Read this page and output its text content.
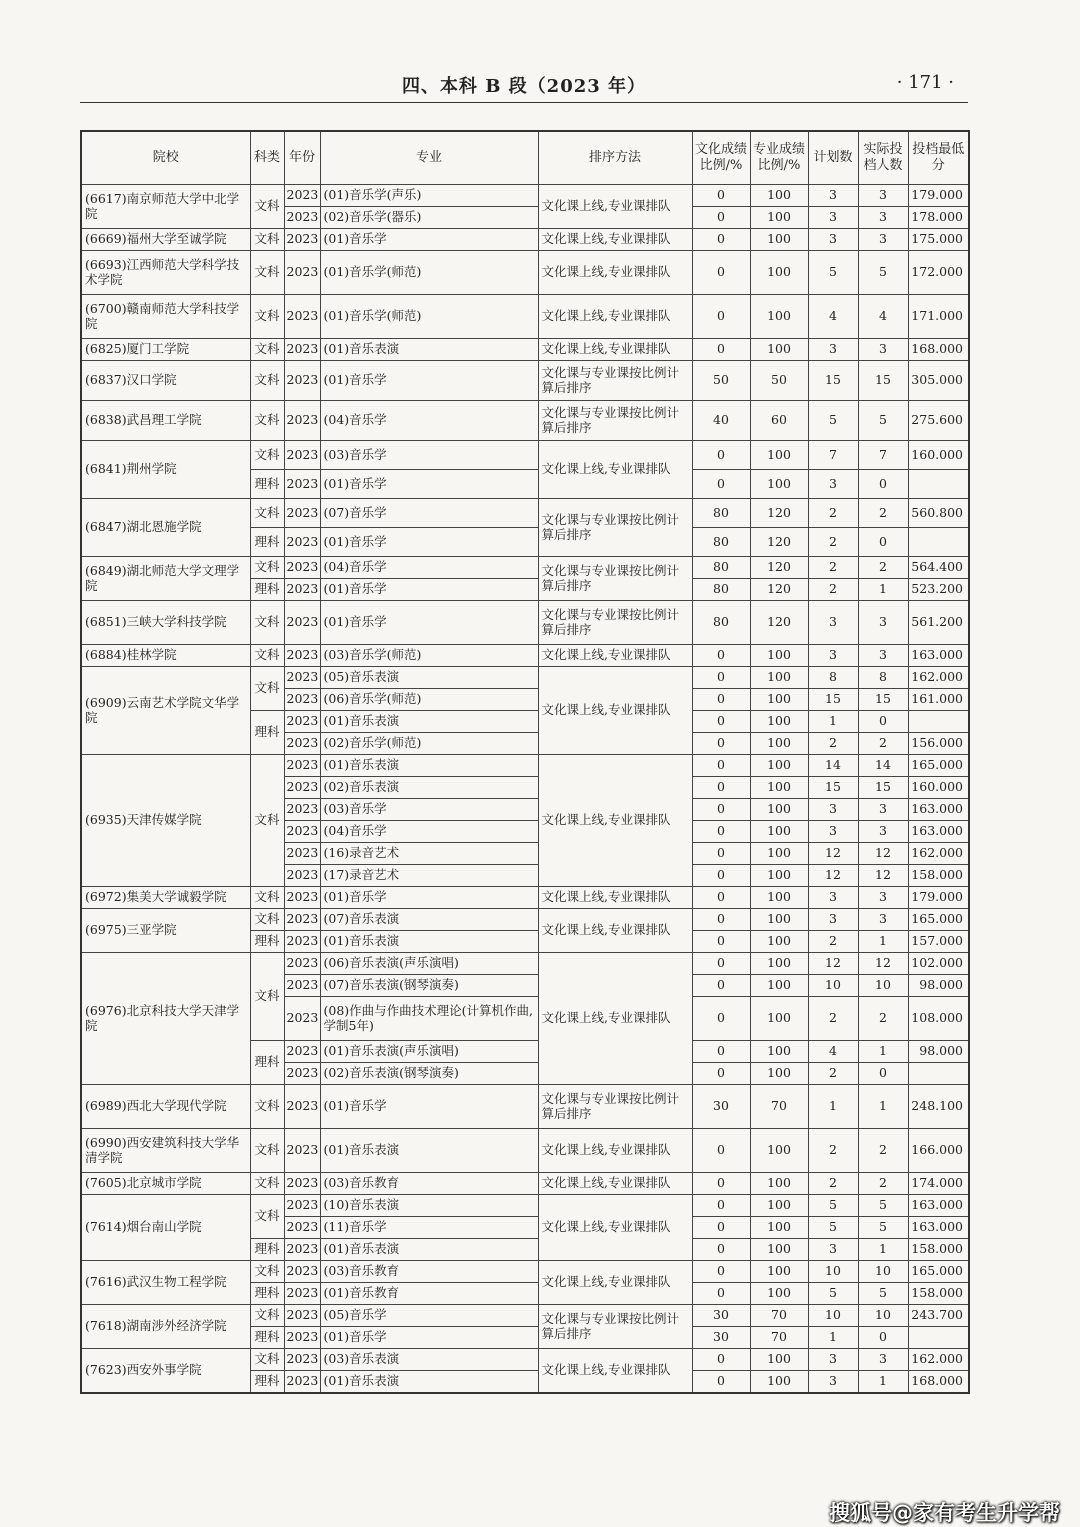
四、本科 B 段（2023 年）	· 171 ·
院校	科类	年份	专业	排序方法	文化成绩比例/%	专业成绩比例/%	计划数	实际投档人数	投档最低分
(6617)南京师范大学中北学院	文科	2023	(01)音乐学(声乐)	文化课上线,专业课排队	0	100	3	3	179.000
		2023	(02)音乐学(器乐)		0	100	3	3	178.000
(6669)福州大学至诚学院	文科	2023	(01)音乐学	文化课上线,专业课排队	0	100	3	3	175.000
(6693)江西师范大学科学技术学院	文科	2023	(01)音乐学(师范)	文化课上线,专业课排队	0	100	5	5	172.000
(6700)赣南师范大学科技学院	文科	2023	(01)音乐学(师范)	文化课上线,专业课排队	0	100	4	4	171.000
(6825)厦门工学院	文科	2023	(01)音乐表演	文化课上线,专业课排队	0	100	3	3	168.000
(6837)汉口学院	文科	2023	(01)音乐学	文化课与专业课按比例计算后排序	50	50	15	15	305.000
(6838)武昌理工学院	文科	2023	(04)音乐学	文化课与专业课按比例计算后排序	40	60	5	5	275.600
(6841)荆州学院	文科	2023	(03)音乐学	文化课上线,专业课排队	0	100	7	7	160.000
	理科	2023	(01)音乐学		0	100	3	0	
(6847)湖北恩施学院	文科	2023	(07)音乐学	文化课与专业课按比例计算后排序	80	120	2	2	560.800
	理科	2023	(01)音乐学		80	120	2	0	
(6849)湖北师范大学文理学院	文科	2023	(04)音乐学	文化课与专业课按比例计算后排序	80	120	2	2	564.400
	理科	2023	(01)音乐学		80	120	2	1	523.200
(6851)三峡大学科技学院	文科	2023	(01)音乐学	文化课与专业课按比例计算后排序	80	120	3	3	561.200
(6884)桂林学院	文科	2023	(03)音乐学(师范)	文化课上线,专业课排队	0	100	3	3	163.000
(6909)云南艺术学院文华学院	文科	2023	(05)音乐表演	文化课上线,专业课排队	0	100	8	8	162.000
		2023	(06)音乐学(师范)		0	100	15	15	161.000
	理科	2023	(01)音乐表演		0	100	1	0	
		2023	(02)音乐学(师范)		0	100	2	2	156.000
(6935)天津传媒学院	文科	2023	(01)音乐表演	文化课上线,专业课排队	0	100	14	14	165.000
		2023	(02)音乐表演		0	100	15	15	160.000
		2023	(03)音乐学		0	100	3	3	163.000
		2023	(04)音乐学		0	100	3	3	163.000
		2023	(16)录音艺术		0	100	12	12	162.000
		2023	(17)录音艺术		0	100	12	12	158.000
(6972)集美大学诚毅学院	文科	2023	(01)音乐学	文化课上线,专业课排队	0	100	3	3	179.000
(6975)三亚学院	文科	2023	(07)音乐表演	文化课上线,专业课排队	0	100	3	3	165.000
	理科	2023	(01)音乐表演		0	100	2	1	157.000
(6976)北京科技大学天津学院	文科	2023	(06)音乐表演(声乐演唱)	文化课上线,专业课排队	0	100	12	12	102.000
		2023	(07)音乐表演(钢琴演奏)		0	100	10	10	98.000
		2023	(08)作曲与作曲技术理论(计算机作曲,学制5年)		0	100	2	2	108.000
	理科	2023	(01)音乐表演(声乐演唱)		0	100	4	1	98.000
		2023	(02)音乐表演(钢琴演奏)		0	100	2	0	
(6989)西北大学现代学院	文科	2023	(01)音乐学	文化课与专业课按比例计算后排序	30	70	1	1	248.100
(6990)西安建筑科技大学华清学院	文科	2023	(01)音乐表演	文化课上线,专业课排队	0	100	2	2	166.000
(7605)北京城市学院	文科	2023	(03)音乐教育	文化课上线,专业课排队	0	100	2	2	174.000
(7614)烟台南山学院	文科	2023	(10)音乐表演	文化课上线,专业课排队	0	100	5	5	163.000
		2023	(11)音乐学		0	100	5	5	163.000
	理科	2023	(01)音乐表演		0	100	3	1	158.000
(7616)武汉生物工程学院	文科	2023	(03)音乐教育	文化课上线,专业课排队	0	100	10	10	165.000
	理科	2023	(01)音乐教育		0	100	5	5	158.000
(7618)湖南涉外经济学院	文科	2023	(05)音乐学	文化课与专业课按比例计算后排序	30	70	10	10	243.700
	理科	2023	(01)音乐学		30	70	1	0	
(7623)西安外事学院	文科	2023	(03)音乐表演	文化课上线,专业课排队	0	100	3	3	162.000
	理科	2023	(01)音乐表演		0	100	3	1	168.000
搜狐号@家有考生升学帮
